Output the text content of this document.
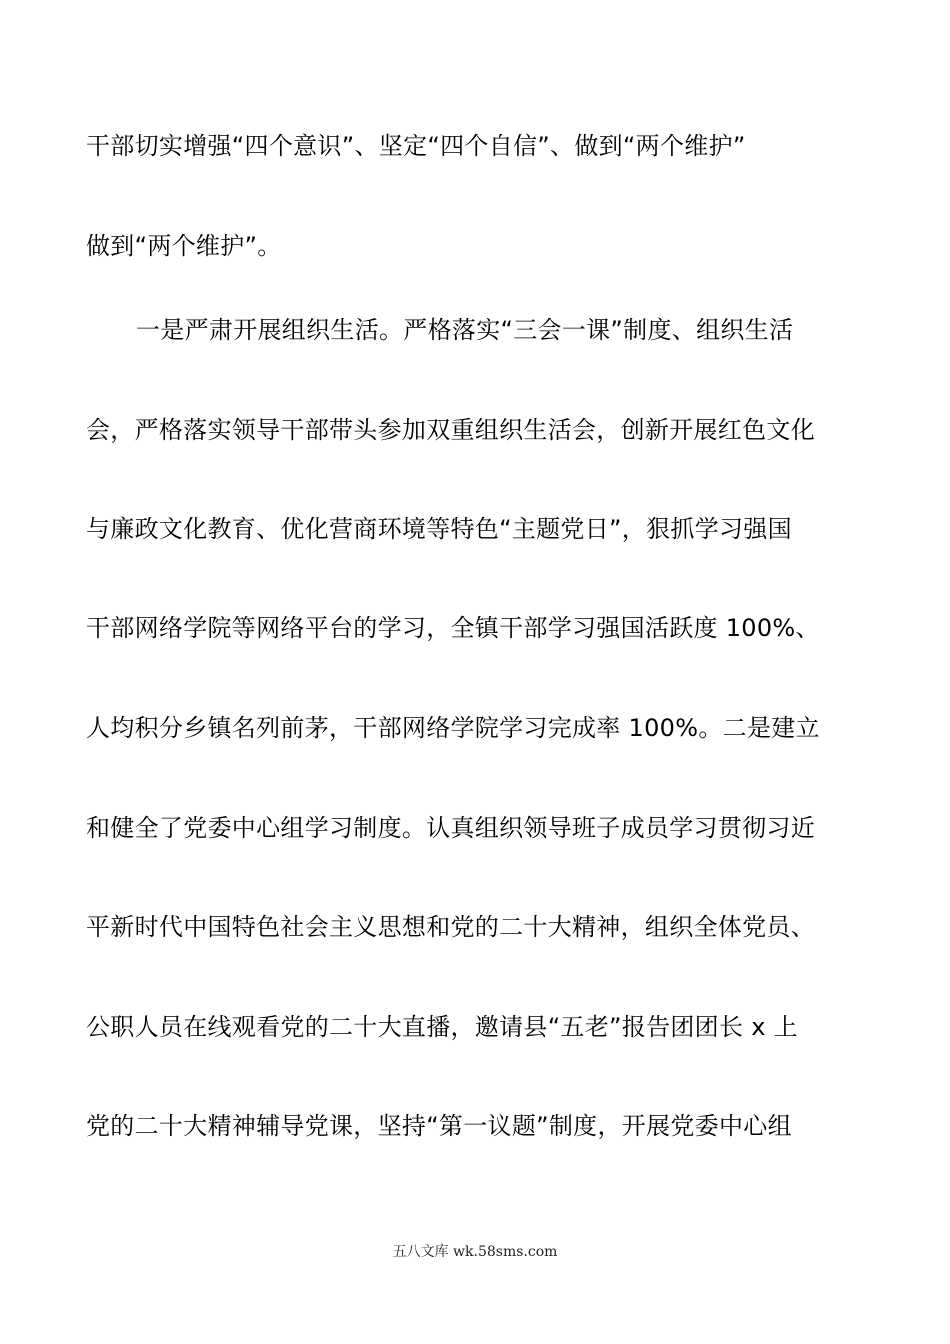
干部切实增强“四个意识”、坚定“四个自信”、做到“两个维护”
做到“两个维护”。
一是严肃开展组织生活。严格落实“三会一课”制度、组织生活
会，严格落实领导干部带头参加双重组织生活会，创新开展红色文化
与廉政文化教育、优化营商环境等特色“主题党日”，狠抓学习强国
干部网络学院等网络平台的学习，全镇干部学习强国活跃度 100%、
人均积分乡镇名列前茅，干部网络学院学习完成率 100%。二是建立
和健全了党委中心组学习制度。认真组织领导班子成员学习贯彻习近
平新时代中国特色社会主义思想和党的二十大精神，组织全体党员、
公职人员在线观看党的二十大直播，邀请县“五老”报告团团长 x 上
党的二十大精神辅导党课，坚持“第一议题”制度，开展党委中心组
五八文库 wk.58sms.com
